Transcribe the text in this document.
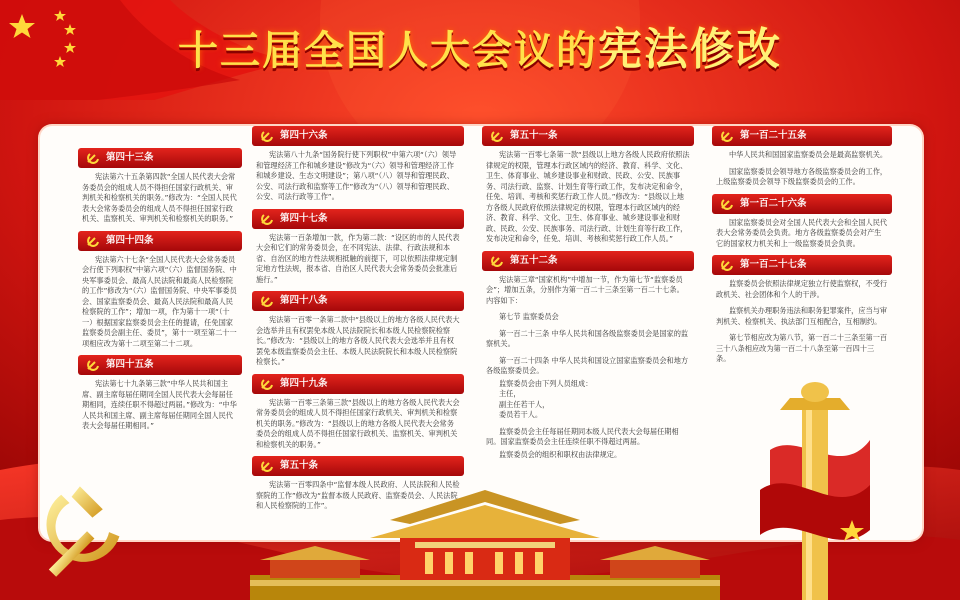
十三届全国人大会议的宪法修改
第四十三条

宪法第六十五条第四款“全国人民代表大会常务委员会的组成人员不得担任国家行政机关、审判机关和检察机关的职务。”修改为：“全国人民代表大会常务委员会的组成人员不得担任国家行政机关、监察机关、审判机关和检察机关的职务。”

第四十四条

宪法第六十七条“全国人民代表大会常务委员会行使下列职权”中第六项“（六）监督国务院、中央军事委员会、最高人民法院和最高人民检察院的工作”修改为“（六）监督国务院、中央军事委员会、国家监察委员会、最高人民法院和最高人民检察院的工作”；增加一项，作为第十一项“（十一）根据国家监察委员会主任的提请，任免国家监察委员会副主任、委员”，第十一项至第二十一项相应改为第十二项至第二十二项。

第四十五条

宪法第七十九条第三款“中华人民共和国主席、副主席每届任期同全国人民代表大会每届任期相同，连续任职不得超过两届。”修改为：“中华人民共和国主席、副主席每届任期同全国人民代表大会每届任期相同。”

第四十六条

宪法第八十九条“国务院行使下列职权”中第六项“（六）领导和管理经济工作和城乡建设”修改为“（六）领导和管理经济工作和城乡建设、生态文明建设”；第八项“（八）领导和管理民政、公安、司法行政和监察等工作”修改为“（八）领导和管理民政、公安、司法行政等工作”。

第四十七条

宪法第一百条增加一款，作为第二款：“设区的市的人民代表大会和它们的常务委员会，在不同宪法、法律、行政法规和本省、自治区的地方性法规相抵触的前提下，可以依照法律规定制定地方性法规，报本省、自治区人民代表大会常务委员会批准后施行。”

第四十八条

宪法第一百零一条第二款中“县级以上的地方各级人民代表大会选举并且有权罢免本级人民法院院长和本级人民检察院检察长。”修改为：“县级以上的地方各级人民代表大会选举并且有权罢免本级监察委员会主任、本级人民法院院长和本级人民检察院检察长。”

第四十九条

宪法第一百零三条第三款“县级以上的地方各级人民代表大会常务委员会的组成人员不得担任国家行政机关、审判机关和检察机关的职务。”修改为：“县级以上的地方各级人民代表大会常务委员会的组成人员不得担任国家行政机关、监察机关、审判机关和检察机关的职务。”

第五十条

宪法第一百零四条中“监督本级人民政府、人民法院和人民检察院的工作”修改为“监督本级人民政府、监察委员会、人民法院和人民检察院的工作”。

第五十一条

宪法第一百零七条第一款“县级以上地方各级人民政府依照法律规定的权限，管理本行政区域内的经济、教育、科学、文化、卫生、体育事业、城乡建设事业和财政、民政、公安、民族事务、司法行政、监察、计划生育等行政工作，发布决定和命令，任免、培训、考核和奖惩行政工作人员。”修改为：“县级以上地方各级人民政府依照法律规定的权限，管理本行政区域内的经济、教育、科学、文化、卫生、体育事业、城乡建设事业和财政、民政、公安、民族事务、司法行政、计划生育等行政工作，发布决定和命令，任免、培训、考核和奖惩行政工作人员。”

第五十二条

宪法第三章“国家机构”中增加一节，作为第七节“监察委员会”；增加五条，分别作为第一百二十三条至第一百二十七条。内容如下：

第七节 监察委员会

第一百二十三条 中华人民共和国各级监察委员会是国家的监察机关。

第一百二十四条 中华人民共和国设立国家监察委员会和地方各级监察委员会。

监察委员会由下列人员组成：

主任，

副主任若干人，

委员若干人。

监察委员会主任每届任期同本级人民代表大会每届任期相同。国家监察委员会主任连续任职不得超过两届。

监察委员会的组织和职权由法律规定。

第一百二十五条

中华人民共和国国家监察委员会是最高监察机关。

国家监察委员会领导地方各级监察委员会的工作，上级监察委员会领导下级监察委员会的工作。

第一百二十六条

国家监察委员会对全国人民代表大会和全国人民代表大会常务委员会负责。地方各级监察委员会对产生它的国家权力机关和上一级监察委员会负责。

第一百二十七条

监察委员会依照法律规定独立行使监察权，不受行政机关、社会团体和个人的干涉。

监察机关办理职务违法和职务犯罪案件，应当与审判机关、检察机关、执法部门互相配合，互相制约。

第七节相应改为第八节，第一百二十三条至第一百三十八条相应改为第一百二十八条至第一百四十三条。
